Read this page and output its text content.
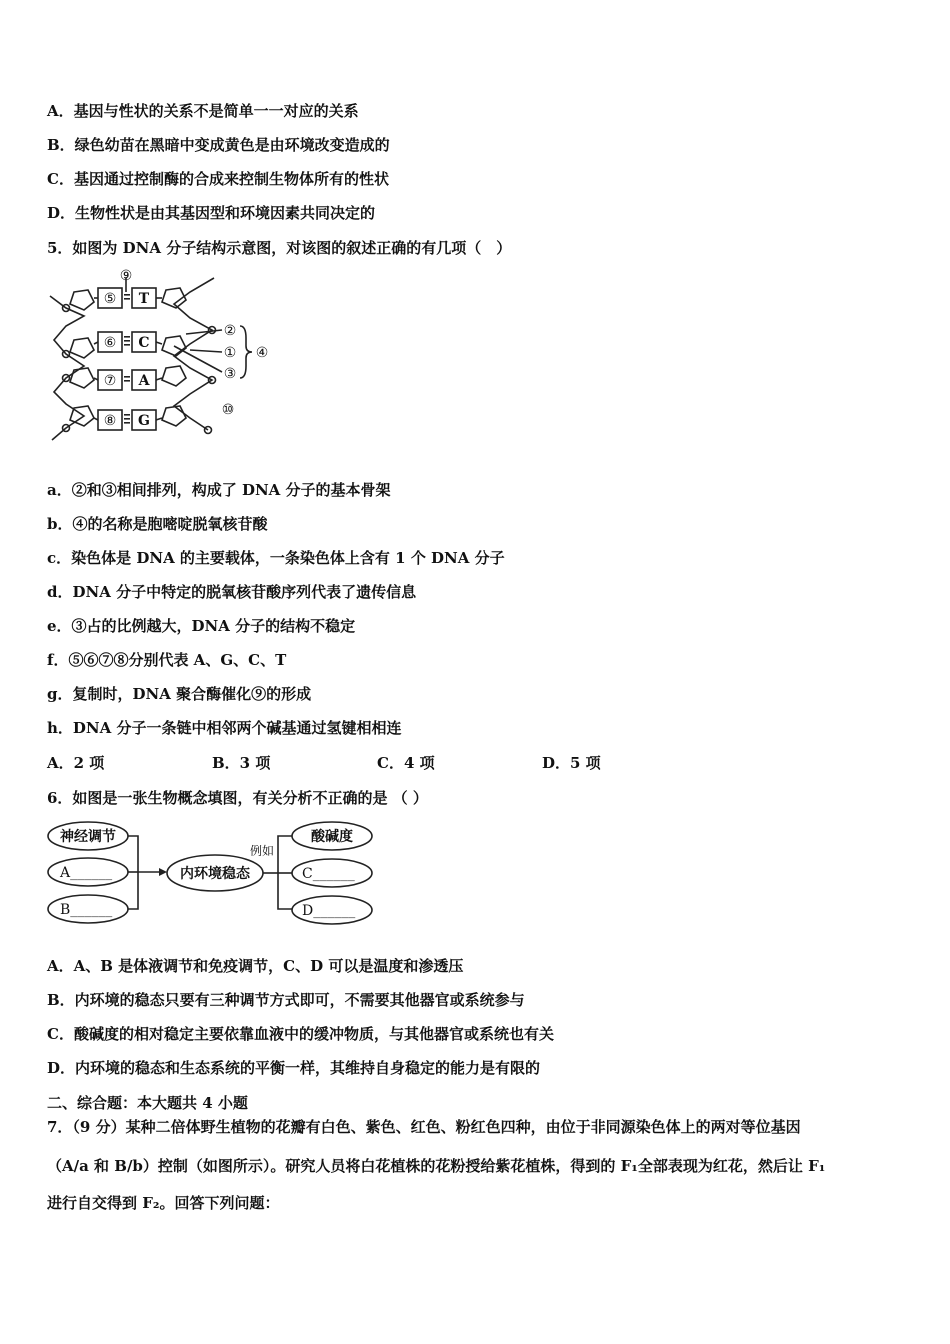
A．基因与性状的关系不是简单一一对应的关系
B．绿色幼苗在黑暗中变成黄色是由环境改变造成的
C．基因通过控制酶的合成来控制生物体所有的性状
D．生物性状是由其基因型和环境因素共同决定的
5．如图为 DNA 分子结构示意图，对该图的叙述正确的有几项（　）
⑤
⑥
⑦
⑧
T
C
A
G
⑨
②
①
③
④
⑩
a．②和③相间排列，构成了 DNA 分子的基本骨架
b．④的名称是胞嘧啶脱氧核苷酸
c．染色体是 DNA 的主要载体，一条染色体上含有 1 个 DNA 分子
d．DNA 分子中特定的脱氧核苷酸序列代表了遗传信息
e．③占的比例越大，DNA 分子的结构不稳定
f．⑤⑥⑦⑧分别代表 A、G、C、T
g．复制时，DNA 聚合酶催化⑨的形成
h．DNA 分子一条链中相邻两个碱基通过氢键相相连
A．2 项	B．3 项	C．4 项	D．5 项
6．如图是一张生物概念填图，有关分析不正确的是 （ ）
神经调节
A______
B______
内环境稳态
例如
酸碱度
C______
D______
A．A、B 是体液调节和免疫调节，C、D 可以是温度和渗透压
B．内环境的稳态只要有三种调节方式即可，不需要其他器官或系统参与
C．酸碱度的相对稳定主要依靠血液中的缓冲物质，与其他器官或系统也有关
D．内环境的稳态和生态系统的平衡一样，其维持自身稳定的能力是有限的
二、综合题：本大题共 4 小题
7．（9 分）某种二倍体野生植物的花瓣有白色、紫色、红色、粉红色四种，由位于非同源染色体上的两对等位基因
（A/a 和 B/b）控制（如图所示）。研究人员将白花植株的花粉授给紫花植株，得到的 F₁全部表现为红花，然后让 F₁
进行自交得到 F₂。回答下列问题：
